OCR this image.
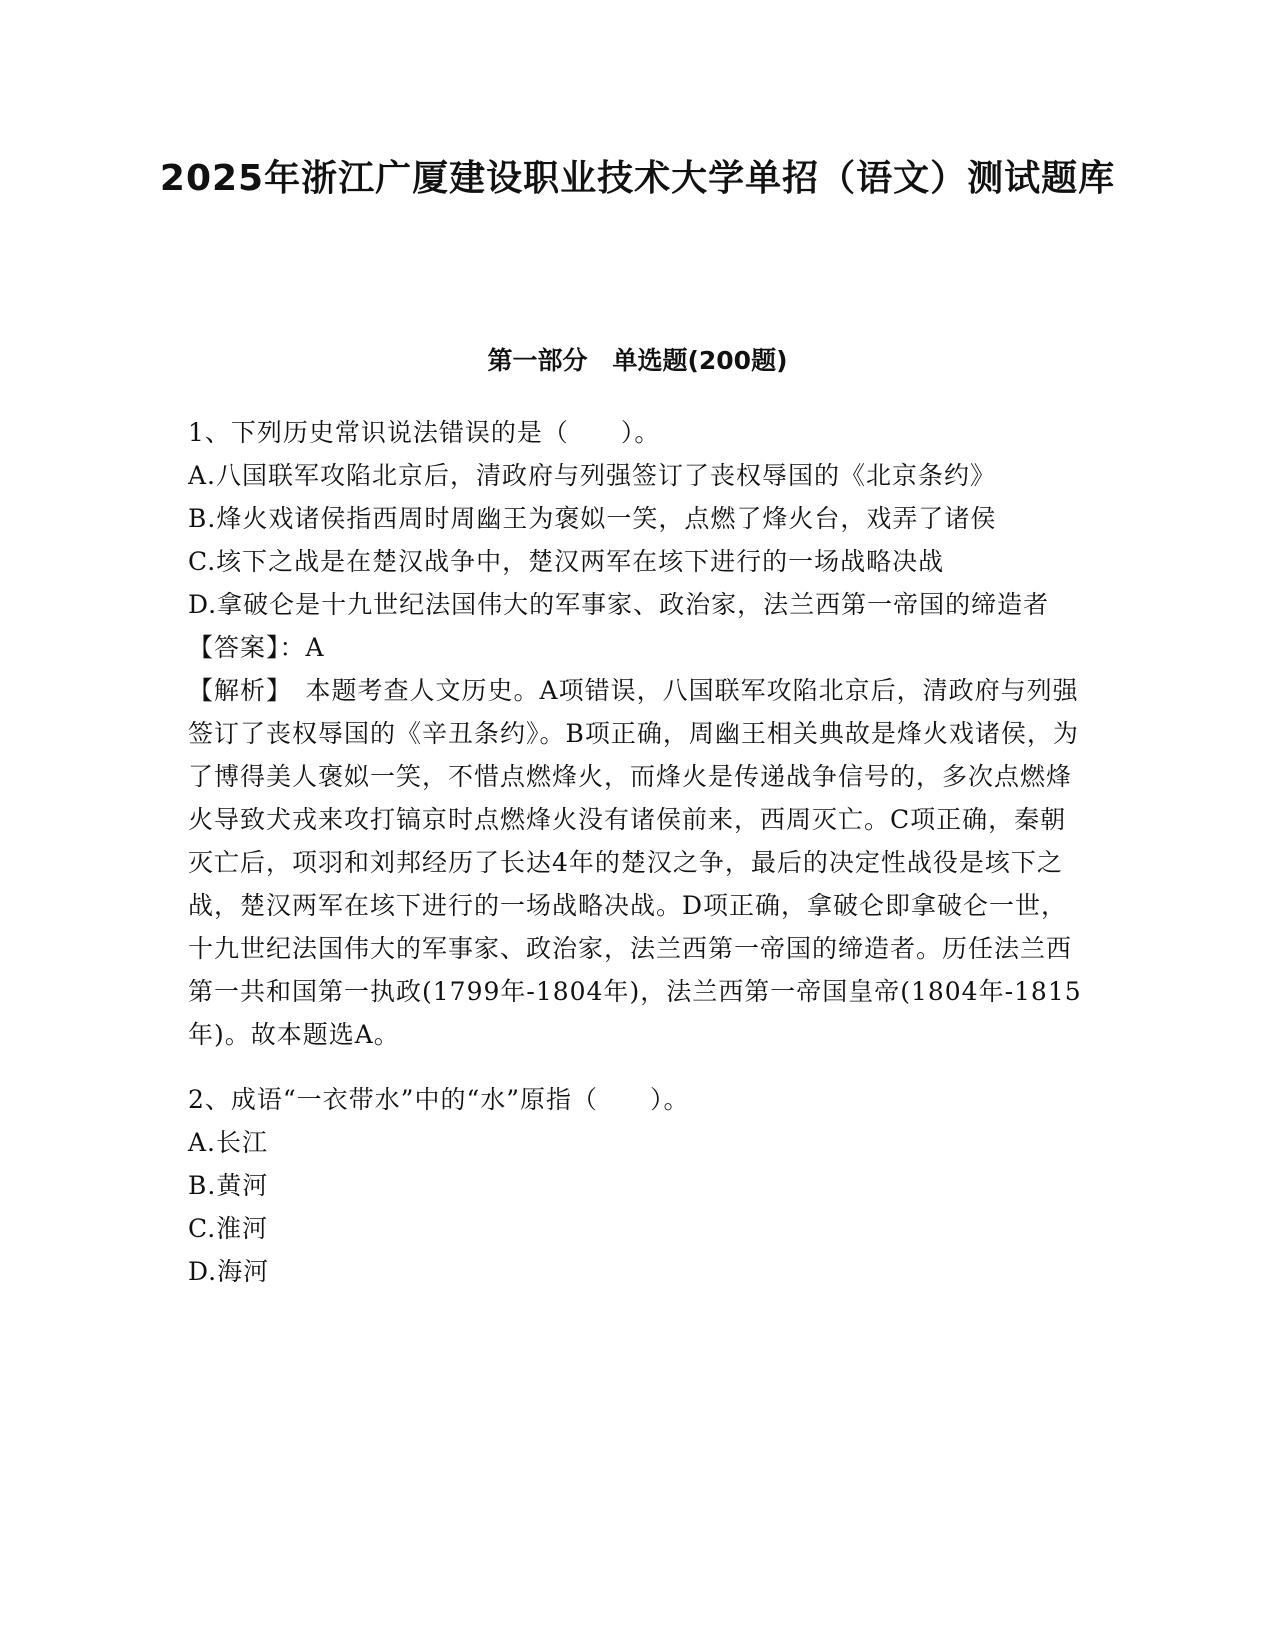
2025年浙江广厦建设职业技术大学单招（语文）测试题库
第一部分　单选题(200题)

1、下列历史常识说法错误的是（　　）。

A.八国联军攻陷北京后，清政府与列强签订了丧权辱国的《北京条约》

B.烽火戏诸侯指西周时周幽王为褒姒一笑，点燃了烽火台，戏弄了诸侯

C.垓下之战是在楚汉战争中，楚汉两军在垓下进行的一场战略决战

D.拿破仑是十九世纪法国伟大的军事家、政治家，法兰西第一帝国的缔造者

【答案】：A

【解析】　本题考查人文历史。A项错误，八国联军攻陷北京后，清政府与列强签订了丧权辱国的《辛丑条约》。B项正确，周幽王相关典故是烽火戏诸侯，为了博得美人褒姒一笑，不惜点燃烽火，而烽火是传递战争信号的，多次点燃烽火导致犬戎来攻打镐京时点燃烽火没有诸侯前来，西周灭亡。C项正确，秦朝灭亡后，项羽和刘邦经历了长达4年的楚汉之争，最后的决定性战役是垓下之战，楚汉两军在垓下进行的一场战略决战。D项正确，拿破仑即拿破仑一世，十九世纪法国伟大的军事家、政治家，法兰西第一帝国的缔造者。历任法兰西第一共和国第一执政(1799年-1804年)，法兰西第一帝国皇帝(1804年-1815年)。故本题选A。

2、成语“一衣带水”中的“水”原指（　　）。

A.长江

B.黄河

C.淮河

D.海河
